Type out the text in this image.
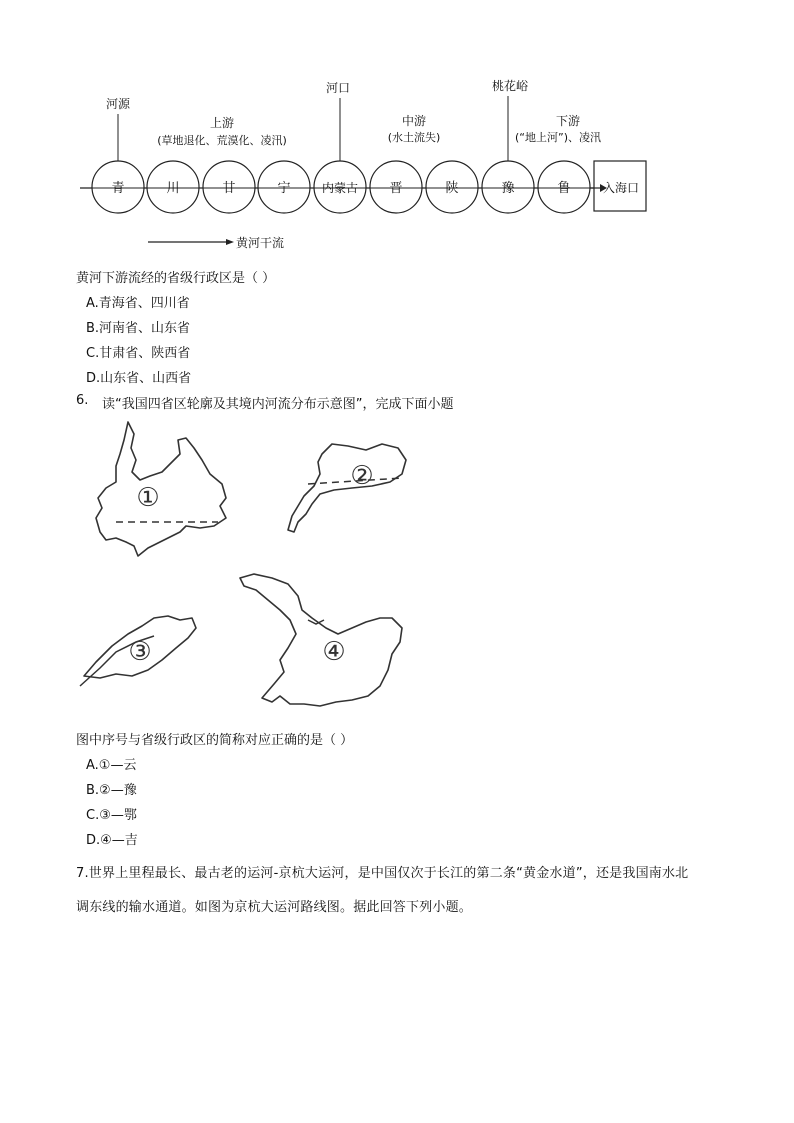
青	川	甘	宁	内蒙古 晋	陕	豫	鲁	入海口
河源
上游
(草地退化、荒漠化、凌汛)
河口
中游
(水土流失)
桃花峪
下游
(“地上河”)、凌汛
黄河干流
黄河下游流经的省级行政区是（ ）
A.青海省、四川省
B.河南省、山东省
C.甘肃省、陕西省
D.山东省、山西省
6. 读“我国四省区轮廓及其境内河流分布示意图”，完成下面小题
①
②
③	④
图中序号与省级行政区的简称对应正确的是（ ）
A.①—云
B.②—豫
C.③—鄂
D.④—吉
7.世界上里程最长、最古老的运河-京杭大运河，是中国仅次于长江的第二条“黄金水道”，还是我国南水北
调东线的输水通道。如图为京杭大运河路线图。据此回答下列小题。
